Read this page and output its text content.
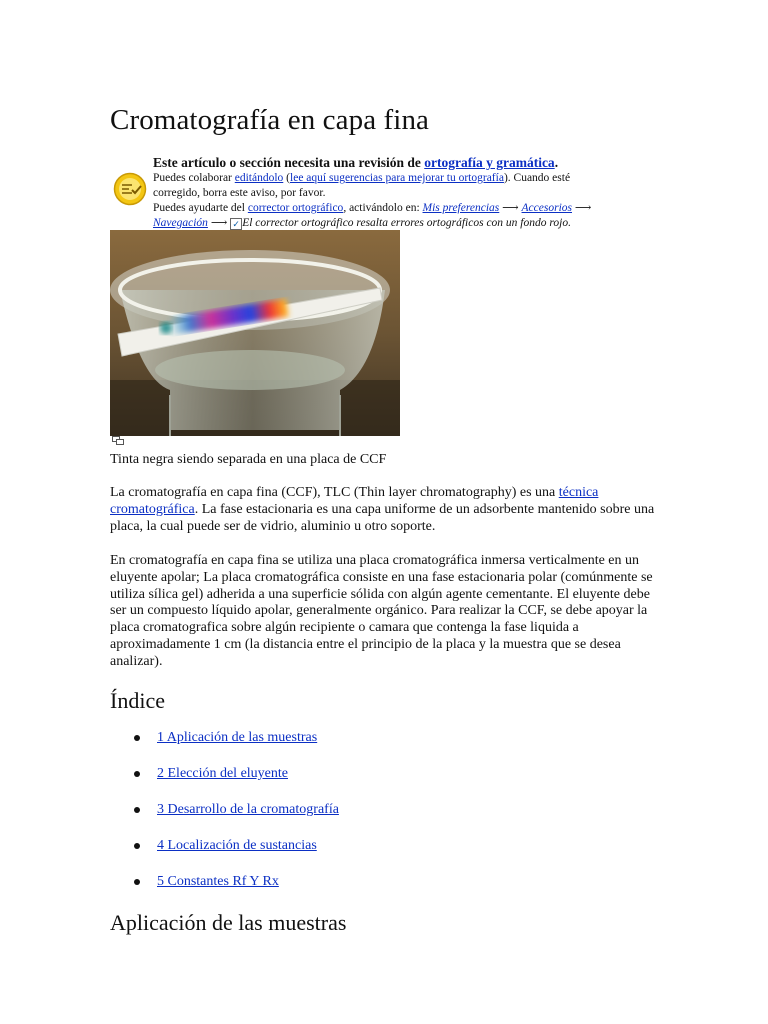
Cromatografía en capa fina
Este artículo o sección necesita una revisión de ortografía y gramática.
Puedes colaborar editándolo (lee aquí sugerencias para mejorar tu ortografía). Cuando esté
corregido, borra este aviso, por favor.
Puedes ayudarte del corrector ortográfico, activándolo en: Mis preferencias ⟶ Accesorios ⟶
Navegación ⟶ ✓ El corrector ortográfico resalta errores ortográficos con un fondo rojo.
Tinta negra siendo separada en una placa de CCF

La cromatografía en capa fina (CCF), TLC (Thin layer chromatography) es una técnica cromatográfica. La fase estacionaria es una capa uniforme de un adsorbente mantenido sobre una placa, la cual puede ser de vidrio, aluminio u otro soporte.

En cromatografía en capa fina se utiliza una placa cromatográfica inmersa verticalmente en un eluyente apolar; La placa cromatográfica consiste en una fase estacionaria polar (comúnmente se utiliza sílica gel) adherida a una superficie sólida con algún agente cementante. El eluyente debe ser un compuesto líquido apolar, generalmente orgánico. Para realizar la CCF, se debe apoyar la placa cromatografica sobre algún recipiente o camara que contenga la fase liquida a aproximadamente 1 cm (la distancia entre el principio de la placa y la muestra que se desea analizar).

Índice
1 Aplicación de las muestras
2 Elección del eluyente
3 Desarrollo de la cromatografía
4 Localización de sustancias
5 Constantes Rf Y Rx
Aplicación de las muestras
